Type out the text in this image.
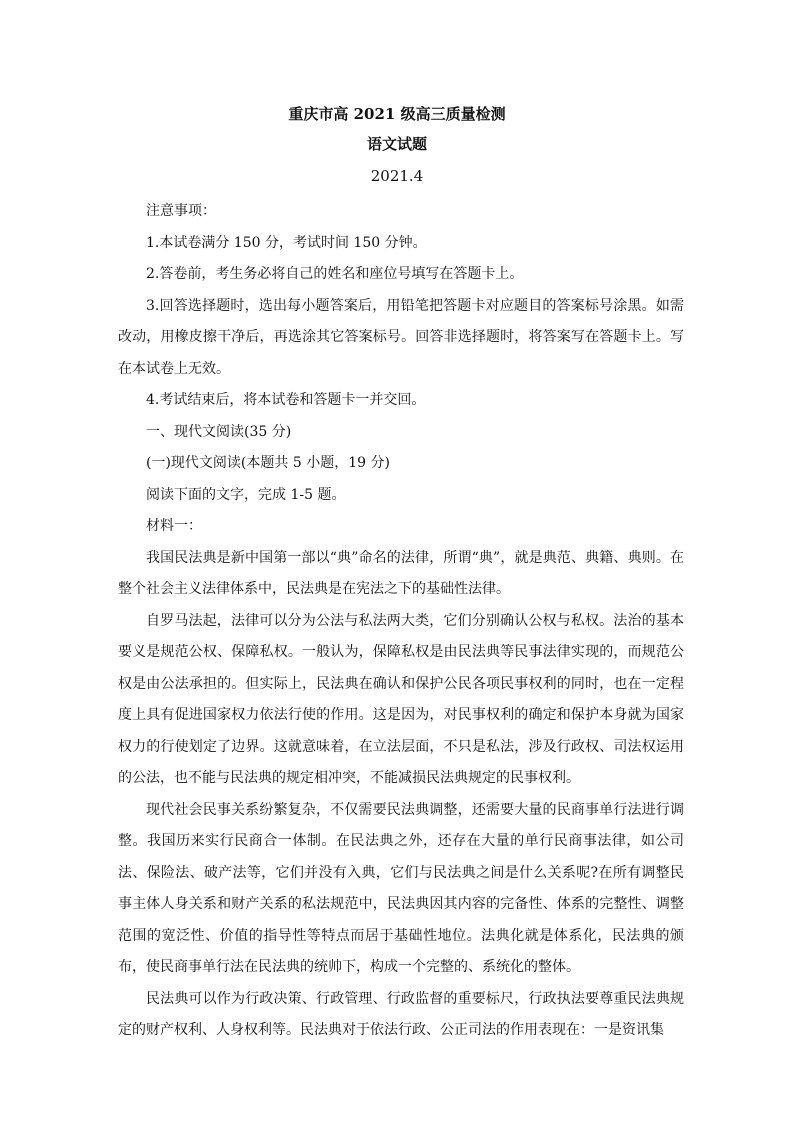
重庆市高 2021 级高三质量检测
语文试题
2021.4

注意事项：

1.本试卷满分 150 分，考试时间 150 分钟。

2.答卷前，考生务必将自己的姓名和座位号填写在答题卡上。

3.回答选择题时，选出每小题答案后，用铅笔把答题卡对应题目的答案标号涂黑。如需改动，用橡皮擦干净后，再选涂其它答案标号。回答非选择题时，将答案写在答题卡上。写在本试卷上无效。

4.考试结束后，将本试卷和答题卡一并交回。

一、现代文阅读(35 分)

(一)现代文阅读(本题共 5 小题，19 分)

阅读下面的文字，完成 1-5 题。

材料一：

我国民法典是新中国第一部以“典”命名的法律，所谓“典”，就是典范、典籍、典则。在整个社会主义法律体系中，民法典是在宪法之下的基础性法律。

自罗马法起，法律可以分为公法与私法两大类，它们分别确认公权与私权。法治的基本要义是规范公权、保障私权。一般认为，保障私权是由民法典等民事法律实现的，而规范公权是由公法承担的。但实际上，民法典在确认和保护公民各项民事权利的同时，也在一定程度上具有促进国家权力依法行使的作用。这是因为，对民事权利的确定和保护本身就为国家权力的行使划定了边界。这就意味着，在立法层面，不只是私法，涉及行政权、司法权运用的公法，也不能与民法典的规定相冲突，不能减损民法典规定的民事权利。

现代社会民事关系纷繁复杂，不仅需要民法典调整，还需要大量的民商事单行法进行调整。我国历来实行民商合一体制。在民法典之外，还存在大量的单行民商事法律，如公司法、保险法、破产法等，它们并没有入典，它们与民法典之间是什么关系呢?在所有调整民事主体人身关系和财产关系的私法规范中，民法典因其内容的完备性、体系的完整性、调整范围的宽泛性、价值的指导性等特点而居于基础性地位。法典化就是体系化，民法典的颁布，使民商事单行法在民法典的统帅下，构成一个完整的、系统化的整体。

民法典可以作为行政决策、行政管理、行政监督的重要标尺，行政执法要尊重民法典规定的财产权利、人身权利等。民法典对于依法行政、公正司法的作用表现在：一是资讯集
